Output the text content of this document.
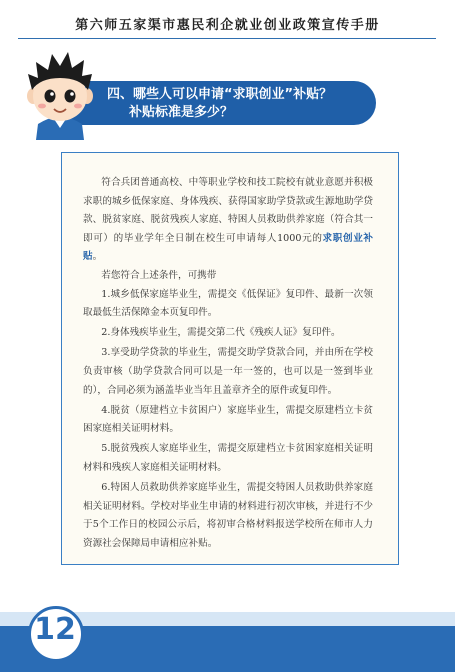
第六师五家渠市惠民利企就业创业政策宣传手册
四、哪些人可以申请“求职创业”补贴？
补贴标准是多少？

符合兵团普通高校、中等职业学校和技工院校有就业意愿并积极求职的城乡低保家庭、身体残疾、获得国家助学贷款或生源地助学贷款、脱贫家庭、脱贫残疾人家庭、特困人员救助供养家庭（符合其一即可）的毕业学年全日制在校生可申请每人1000元的求职创业补贴。

若您符合上述条件，可携带

1.城乡低保家庭毕业生，需提交《低保证》复印件、最新一次领取最低生活保障金本页复印件。

2.身体残疾毕业生，需提交第二代《残疾人证》复印件。

3.享受助学贷款的毕业生，需提交助学贷款合同，并由所在学校负责审核（助学贷款合同可以是一年一签的，也可以是一签到毕业的），合同必须为涵盖毕业当年且盖章齐全的原件或复印件。

4.脱贫（原建档立卡贫困户）家庭毕业生，需提交原建档立卡贫困家庭相关证明材料。

5.脱贫残疾人家庭毕业生，需提交原建档立卡贫困家庭相关证明材料和残疾人家庭相关证明材料。

6.特困人员救助供养家庭毕业生，需提交特困人员救助供养家庭相关证明材料。学校对毕业生申请的材料进行初次审核，并进行不少于5个工作日的校园公示后，将初审合格材料报送学校所在师市人力资源社会保障局申请相应补贴。

12
